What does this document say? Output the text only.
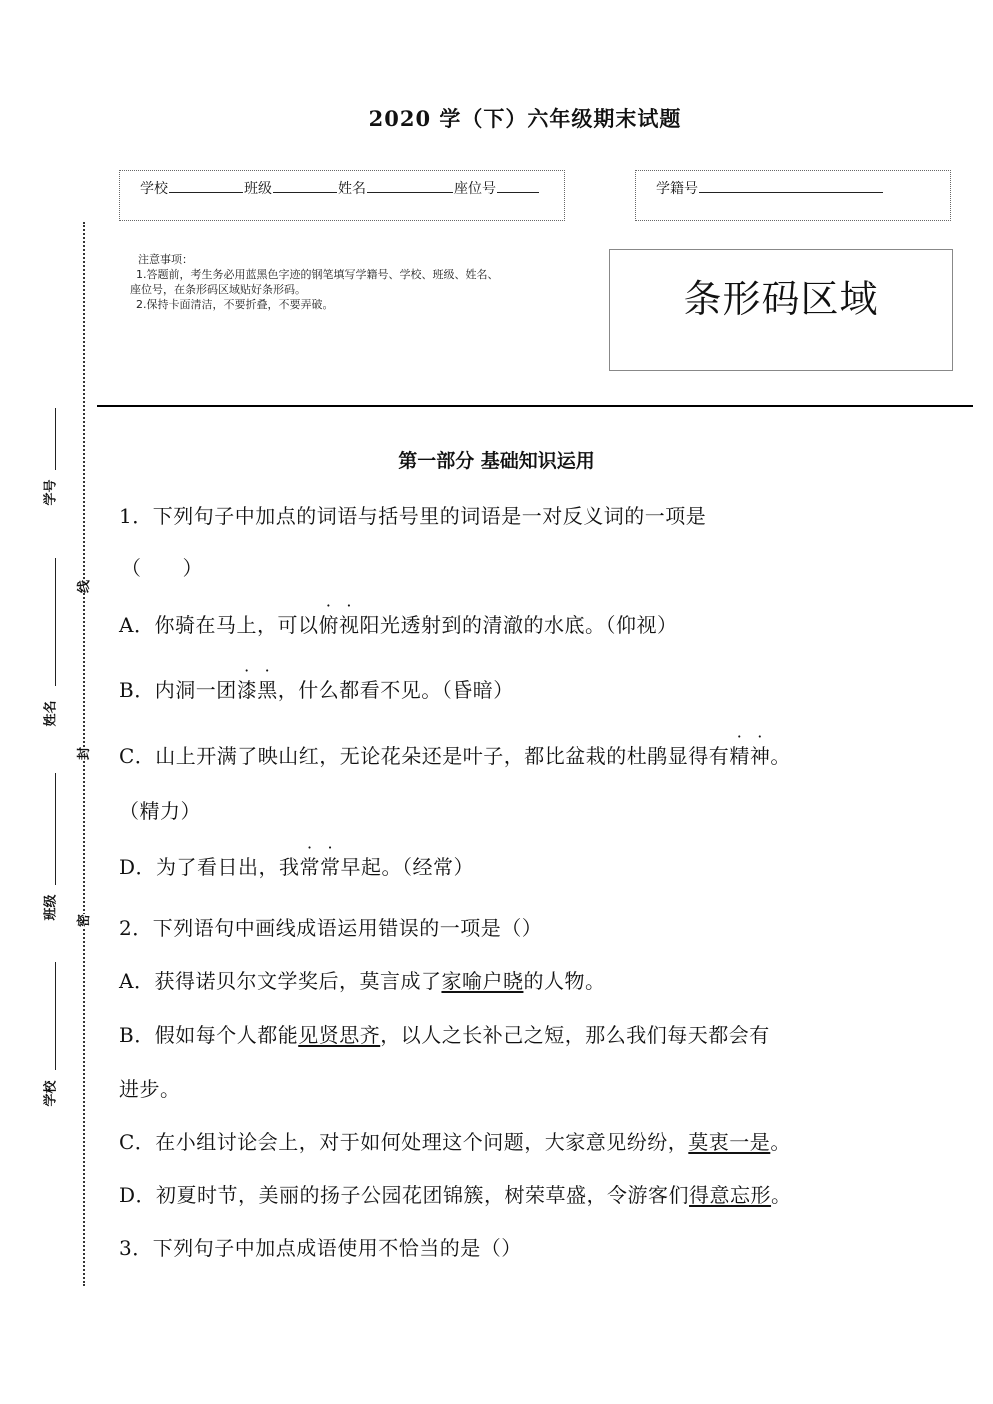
2020 学（下）六年级期末试题
学校	班级	姓名	座位号	学籍号
注意事项：
1.答题前，考生务必用蓝黑色字迹的钢笔填写学籍号、学校、班级、姓名、
座位号，在条形码区域贴好条形码。
2.保持卡面清洁，不要折叠，不要弄破。	条形码区域
学号
姓名
班级
学校
线
封
密
第一部分 基础知识运用
1．下列句子中加点的词语与括号里的词语是一对反义词的一项是
（　　）
A．你骑在马上，可以俯视阳光透射到的清澈的水底。（仰视）
B．内洞一团漆黑，什么都看不见。（昏暗）
C．山上开满了映山红，无论花朵还是叶子，都比盆栽的杜鹃显得有精神。
（精力）
D．为了看日出，我常常早起。（经常）
2．下列语句中画线成语运用错误的一项是（）
A．获得诺贝尔文学奖后，莫言成了家喻户晓的人物。
B．假如每个人都能见贤思齐，以人之长补己之短，那么我们每天都会有
进步。
C．在小组讨论会上，对于如何处理这个问题，大家意见纷纷，莫衷一是。
D．初夏时节，美丽的扬子公园花团锦簇，树荣草盛，令游客们得意忘形。
3．下列句子中加点成语使用不恰当的是（）
